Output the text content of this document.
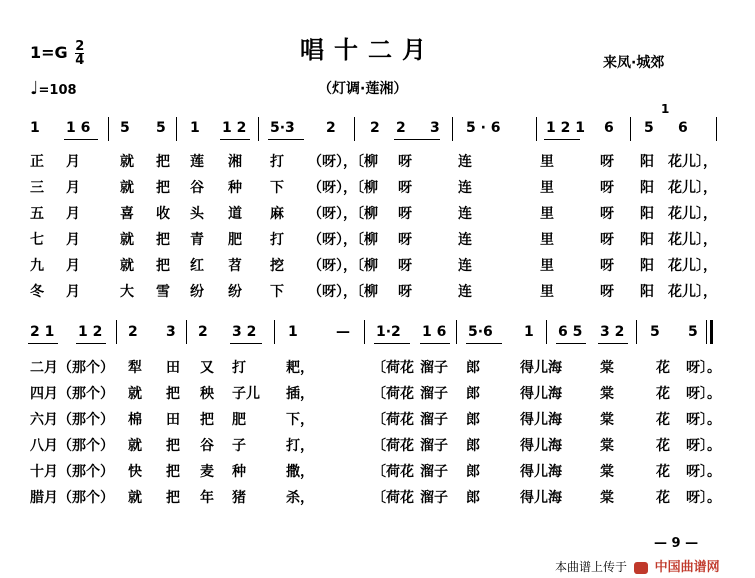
$1=G \frac{2}{4}$
♩=108
唱十二月
（灯调·莲湘）
来凤·城郊
1 1 6 5 5 1 1 2 5·3 2 2 2 3 5 · 6	1 2 1 6 5 6
1
正 月	就 把 莲 湘 打 （呀），〔柳 呀	连	里	呀 阳 花儿〕，
三 月	就 把 谷 种 下 （呀），〔柳 呀	连	里	呀 阳 花儿〕，
五 月	喜 收 头 道 麻 （呀），〔柳 呀	连	里	呀 阳 花儿〕，
七 月	就 把 青 肥 打 （呀），〔柳 呀	连	里	呀 阳 花儿〕，
九 月	就 把 红 苕 挖 （呀），〔柳 呀	连	里	呀 阳 花儿〕，
冬 月	大 雪 纷 纷 下 （呀），〔柳 呀	连	里	呀 阳 花儿〕，
2 1 1 2 2 3 2 3 2 1	— 1·2 1 6 5·6 1 6 5 3 2 5 5
二月（那个） 犁 田 又 打	耙，	〔荷花 溜子 郎	得儿海	棠	花 呀〕。
四月（那个） 就 把 秧 子儿 插，	〔荷花 溜子 郎	得儿海	棠	花 呀〕。
六月（那个） 棉 田 把 肥	下，	〔荷花 溜子 郎	得儿海	棠	花 呀〕。
八月（那个） 就 把 谷 子	打，	〔荷花 溜子 郎	得儿海	棠	花 呀〕。
十月（那个） 快 把 麦 种	撒，	〔荷花 溜子 郎	得儿海	棠	花 呀〕。
腊月（那个） 就 把 年 猪	杀，	〔荷花 溜子 郎	得儿海	棠	花 呀〕。
— 9 —
本曲谱上传于 中国曲谱网
